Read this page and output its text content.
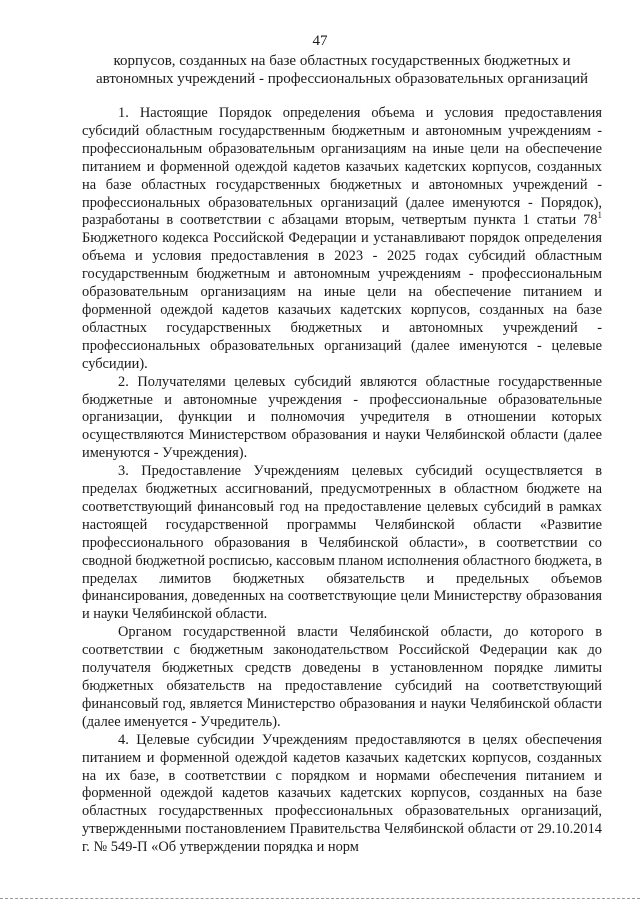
47
корпусов, созданных на базе областных государственных бюджетных и автономных учреждений - профессиональных образовательных организаций

1. Настоящие Порядок определения объема и условия предоставления субсидий областным государственным бюджетным и автономным учреждениям - профессиональным образовательным организациям на иные цели на обеспечение питанием и форменной одеждой кадетов казачьих кадетских корпусов, созданных на базе областных государственных бюджетных и автономных учреждений - профессиональных образовательных организаций (далее именуются - Порядок), разработаны в соответствии с абзацами вторым, четвертым пункта 1 статьи $78^1$ Бюджетного кодекса Российской Федерации и устанавливают порядок определения объема и условия предоставления в 2023 - 2025 годах субсидий областным государственным бюджетным и автономным учреждениям - профессиональным образовательным организациям на иные цели на обеспечение питанием и форменной одеждой кадетов казачьих кадетских корпусов, созданных на базе областных государственных бюджетных и автономных учреждений - профессиональных образовательных организаций (далее именуются - целевые субсидии).

2. Получателями целевых субсидий являются областные государственные бюджетные и автономные учреждения - профессиональные образовательные организации, функции и полномочия учредителя в отношении которых осуществляются Министерством образования и науки Челябинской области (далее именуются - Учреждения).

3. Предоставление Учреждениям целевых субсидий осуществляется в пределах бюджетных ассигнований, предусмотренных в областном бюджете на соответствующий финансовый год на предоставление целевых субсидий в рамках настоящей государственной программы Челябинской области «Развитие профессионального образования в Челябинской области», в соответствии со сводной бюджетной росписью, кассовым планом исполнения областного бюджета, в пределах лимитов бюджетных обязательств и предельных объемов финансирования, доведенных на соответствующие цели Министерству образования и науки Челябинской области.

Органом государственной власти Челябинской области, до которого в соответствии с бюджетным законодательством Российской Федерации как до получателя бюджетных средств доведены в установленном порядке лимиты бюджетных обязательств на предоставление субсидий на соответствующий финансовый год, является Министерство образования и науки Челябинской области (далее именуется - Учредитель).

4. Целевые субсидии Учреждениям предоставляются в целях обеспечения питанием и форменной одеждой кадетов казачьих кадетских корпусов, созданных на их базе, в соответствии с порядком и нормами обеспечения питанием и форменной одеждой кадетов казачьих кадетских корпусов, созданных на базе областных государственных профессиональных образовательных организаций, утвержденными постановлением Правительства Челябинской области от 29.10.2014 г. № 549-П «Об утверждении порядка и норм
